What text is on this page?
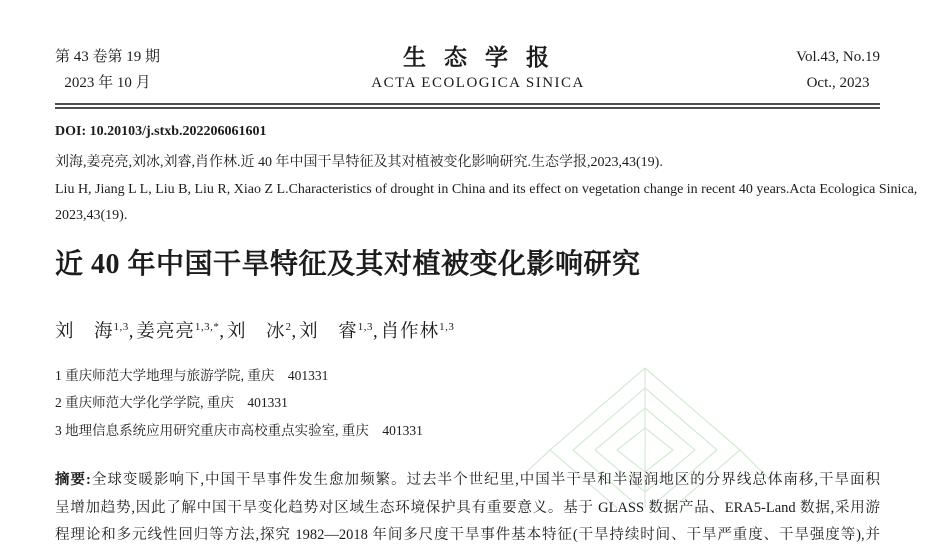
第 43 卷第 19 期
2023 年 10 月
生态学报
ACTA ECOLOGICA SINICA
Vol.43, No.19
Oct., 2023
DOI: 10.20103/j.stxb.202206061601
刘海,姜亮亮,刘冰,刘睿,肖作林.近 40 年中国干旱特征及其对植被变化影响研究.生态学报,2023,43(19).
Liu H, Jiang L L, Liu B, Liu R, Xiao Z L.Characteristics of drought in China and its effect on vegetation change in recent 40 years.Acta Ecologica Sinica,
2023,43(19).
近 40 年中国干旱特征及其对植被变化影响研究
刘　海$^{1,3}$, 姜亮亮$^{1,3,*}$, 刘　冰$^2$, 刘　睿$^{1,3}$, 肖作林$^{1,3}$
1 重庆师范大学地理与旅游学院, 重庆　401331
2 重庆师范大学化学学院, 重庆　401331
3 地理信息系统应用研究重庆市高校重点实验室, 重庆　401331
摘要:全球变暖影响下,中国干旱事件发生愈加频繁。过去半个世纪里,中国半干旱和半湿润地区的分界线总体南移,干旱面积
呈增加趋势,因此了解中国干旱变化趋势对区域生态环境保护具有重要意义。基于 GLASS 数据产品、ERA5-Land 数据,采用游
程理论和多元线性回归等方法,探究 1982—2018 年间多尺度干旱事件基本特征(干旱持续时间、干旱严重度、干旱强度等),并
